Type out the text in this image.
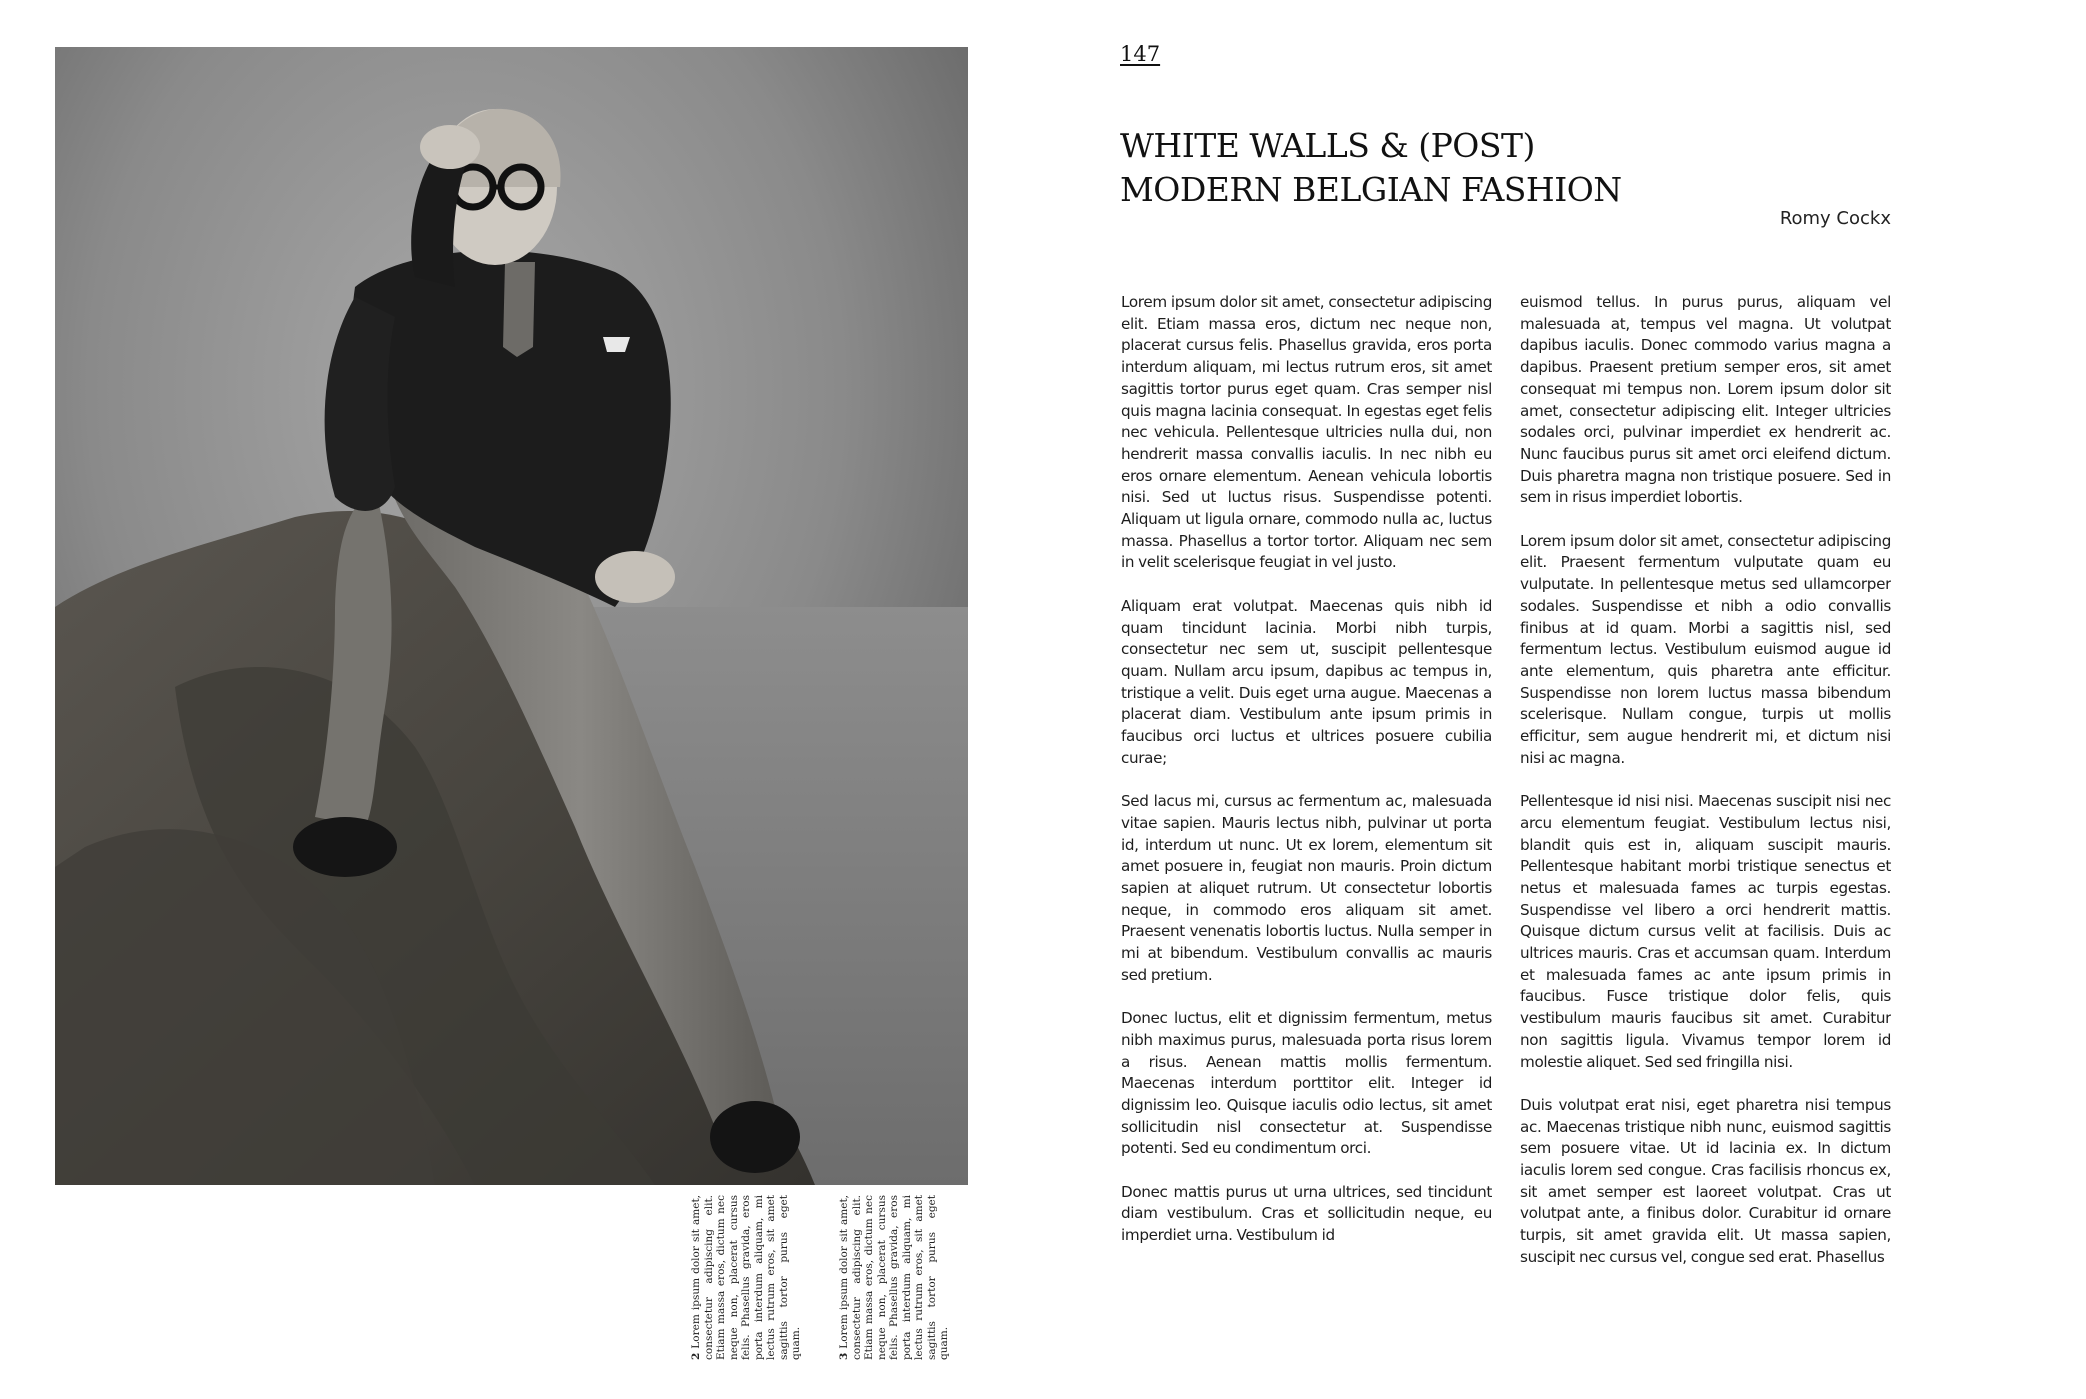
2Lorem ipsum dolor sit amet, consectetur adipiscing elit. Etiam massa eros, dictum nec neque non, placerat cursus felis. Phasellus gravida, eros porta interdum aliquam, mi lectus rutrum eros, sit amet sagittis tortor purus eget quam.	3Lorem ipsum dolor sit amet, consectetur adipiscing elit. Etiam massa eros, dictum nec neque non, placerat cursus felis. Phasellus gravida, eros porta interdum aliquam, mi lectus rutrum eros, sit amet sagittis tortor purus eget quam.
147
WHITE WALLS & (POST)
MODERN BELGIAN FASHION
Romy Cockx

Lorem ipsum dolor sit amet, consectetur adipiscing elit. Etiam massa eros, dictum nec neque non, placerat cursus felis. Phasellus gravida, eros porta interdum aliquam, mi lectus rutrum eros, sit amet sagittis tortor purus eget quam. Cras semper nisl quis magna lacinia consequat. In egestas eget felis nec vehicula. Pellentesque ultricies nulla dui, non hendrerit massa convallis iaculis. In nec nibh eu eros ornare elementum. Aenean vehicula lobortis nisi. Sed ut luctus risus. Suspendisse potenti. Aliquam ut ligula ornare, commodo nulla ac, luctus massa. Phasellus a tortor tortor. Aliquam nec sem in velit scelerisque feugiat in vel justo.

Aliquam erat volutpat. Maecenas quis nibh id quam tincidunt lacinia. Morbi nibh turpis, consectetur nec sem ut, suscipit pellentesque quam. Nullam arcu ipsum, dapibus ac tempus in, tristique a velit. Duis eget urna augue. Maecenas a placerat diam. Vestibulum ante ipsum primis in faucibus orci luctus et ultrices posuere cubilia curae;

Sed lacus mi, cursus ac fermentum ac, malesuada vitae sapien. Mauris lectus nibh, pulvinar ut porta id, interdum ut nunc. Ut ex lorem, elementum sit amet posuere in, feugiat non mauris. Proin dictum sapien at aliquet rutrum. Ut consectetur lobortis neque, in commodo eros aliquam sit amet. Praesent venenatis lobortis luctus. Nulla semper in mi at bibendum. Vestibulum convallis ac mauris sed pretium.

Donec luctus, elit et dignissim fermentum, metus nibh maximus purus, malesuada porta risus lorem a risus. Aenean mattis mollis fermentum. Maecenas interdum porttitor elit. Integer id dignissim leo. Quisque iaculis odio lectus, sit amet sollicitudin nisl consectetur at. Suspendisse potenti. Sed eu condimentum orci.

Donec mattis purus ut urna ultrices, sed tincidunt diam vestibulum. Cras et sollicitudin neque, eu imperdiet urna. Vestibulum id

euismod tellus. In purus purus, aliquam vel malesuada at, tempus vel magna. Ut volutpat dapibus iaculis. Donec commodo varius magna a dapibus. Praesent pretium semper eros, sit amet consequat mi tempus non. Lorem ipsum dolor sit amet, consectetur adipiscing elit. Integer ultricies sodales orci, pulvinar imperdiet ex hendrerit ac. Nunc faucibus purus sit amet orci eleifend dictum. Duis pharetra magna non tristique posuere. Sed in sem in risus imperdiet lobortis.

Lorem ipsum dolor sit amet, consectetur adipiscing elit. Praesent fermentum vulputate quam eu vulputate. In pellentesque metus sed ullamcorper sodales. Suspendisse et nibh a odio convallis finibus at id quam. Morbi a sagittis nisl, sed fermentum lectus. Vestibulum euismod augue id ante elementum, quis pharetra ante efficitur. Suspendisse non lorem luctus massa bibendum scelerisque. Nullam congue, turpis ut mollis efficitur, sem augue hendrerit mi, et dictum nisi nisi ac magna.

Pellentesque id nisi nisi. Maecenas suscipit nisi nec arcu elementum feugiat. Vestibulum lectus nisi, blandit quis est in, aliquam suscipit mauris. Pellentesque habitant morbi tristique senectus et netus et malesuada fames ac turpis egestas. Suspendisse vel libero a orci hendrerit mattis. Quisque dictum cursus velit at facilisis. Duis ac ultrices mauris. Cras et accumsan quam. Interdum et malesuada fames ac ante ipsum primis in faucibus. Fusce tristique dolor felis, quis vestibulum mauris faucibus sit amet. Curabitur non sagittis ligula. Vivamus tempor lorem id molestie aliquet. Sed sed fringilla nisi.

Duis volutpat erat nisi, eget pharetra nisi tempus ac. Maecenas tristique nibh nunc, euismod sagittis sem posuere vitae. Ut id lacinia ex. In dictum iaculis lorem sed congue. Cras facilisis rhoncus ex, sit amet semper est laoreet volutpat. Cras ut volutpat ante, a finibus dolor. Curabitur id ornare turpis, sit amet gravida elit. Ut massa sapien, suscipit nec cursus vel, congue sed erat. Phasellus
